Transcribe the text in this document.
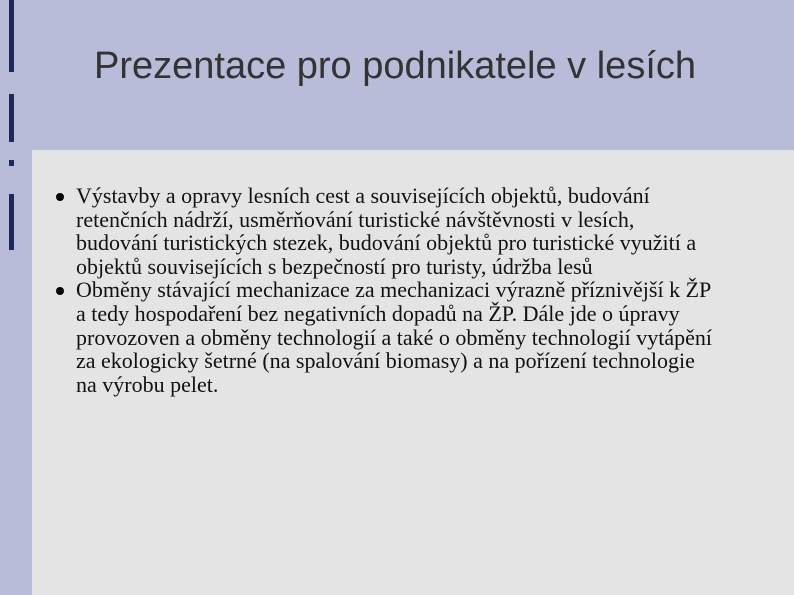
Prezentace pro podnikatele v lesích
Výstavby a opravy lesních cest a souvisejících objektů, budování retenčních nádrží, usměrňování turistické návštěvnosti v lesích, budování turistických stezek, budování objektů pro turistické využití a objektů souvisejících s bezpečností pro turisty, údržba lesů
Obměny stávající mechanizace za mechanizaci výrazně příznivější k ŽP a tedy hospodaření bez negativních dopadů na ŽP. Dále jde o úpravy provozoven a obměny technologií a také o obměny technologií vytápění za ekologicky šetrné (na spalování biomasy) a na pořízení technologie na výrobu pelet.
